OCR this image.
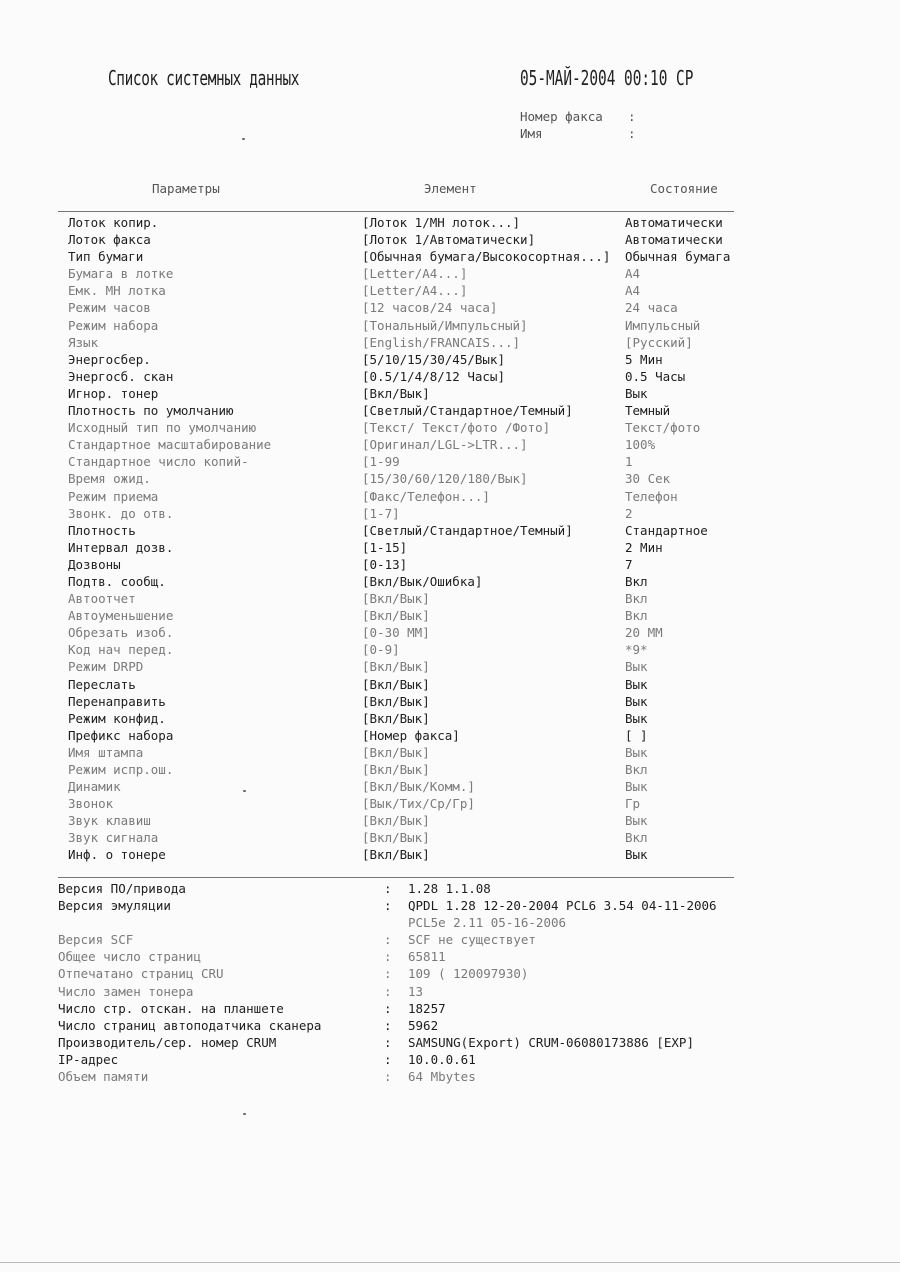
Список системных данных	05-МАЙ-2004 00:10 СР
Номер факса :
Имя	:
Параметры	Элемент	Состояние
Лоток копир.	[Лоток 1/МН лоток...]	Автоматически
Лоток факса	[Лоток 1/Автоматически]	Автоматически
Тип бумаги	[Обычная бумага/Высокосортная...] Обычная бумага
Бумага в лотке	[Letter/A4...]	A4
Емк. МН лотка	[Letter/A4...]	A4
Режим часов	[12 часов/24 часа]	24 часа
Режим набора	[Тональный/Импульсный]	Импульсный
Язык	[English/FRANCAIS...]	[Русский]
Энергосбер.	[5/10/15/30/45/Вык]	5 Мин
Энергосб. скан	[0.5/1/4/8/12 Часы]	0.5 Часы
Игнор. тонер	[Вкл/Вык]	Вык
Плотность по умолчанию	[Светлый/Стандартное/Темный]	Темный
Исходный тип по умолчанию	[Текст/ Текст/фото /Фото]	Текст/фото
Стандартное масштабирование	[Оригинал/LGL->LTR...]	100%
Стандартное число копий-	[1-99	1
Время ожид.	[15/30/60/120/180/Вык]	30 Сек
Режим приема	[Факс/Телефон...]	Телефон
Звонк. до отв.	[1-7]	2
Плотность	[Светлый/Стандартное/Темный]	Стандартное
Интервал дозв.	[1-15]	2 Мин
Дозвоны	[0-13]	7
Подтв. сообщ.	[Вкл/Вык/Ошибка]	Вкл
Автоотчет	[Вкл/Вык]	Вкл
Автоуменьшение	[Вкл/Вык]	Вкл
Обрезать изоб.	[0-30 ММ]	20 ММ
Код нач перед.	[0-9]	*9*
Режим DRPD	[Вкл/Вык]	Вык
Переслать	[Вкл/Вык]	Вык
Перенаправить	[Вкл/Вык]	Вык
Режим конфид.	[Вкл/Вык]	Вык
Префикс набора	[Номер факса]	[ ]
Имя штампа	[Вкл/Вык]	Вык
Режим испр.ош.	[Вкл/Вык]	Вкл
Динамик	[Вкл/Вык/Комм.]	Вык
Звонок	[Вык/Тих/Ср/Гр]	Гр
Звук клавиш	[Вкл/Вык]	Вык
Звук сигнала	[Вкл/Вык]	Вкл
Инф. о тонере	[Вкл/Вык]	Вык
Версия ПО/привода	: 1.28 1.1.08
Версия эмуляции	: QPDL 1.28 12-20-2004 PCL6 3.54 04-11-2006
PCL5e 2.11 05-16-2006
Версия SCF	: SCF не существует
Общее число страниц	: 65811
Отпечатано страниц CRU	: 109 ( 120097930)
Число замен тонера	: 13
Число стр. отскан. на планшете	: 18257
Число страниц автоподатчика сканера	: 5962
Производитель/сер. номер CRUM	: SAMSUNG(Export) CRUM-06080173886 [EXP]
IP-адрес	: 10.0.0.61
Объем памяти	: 64 Mbytes
